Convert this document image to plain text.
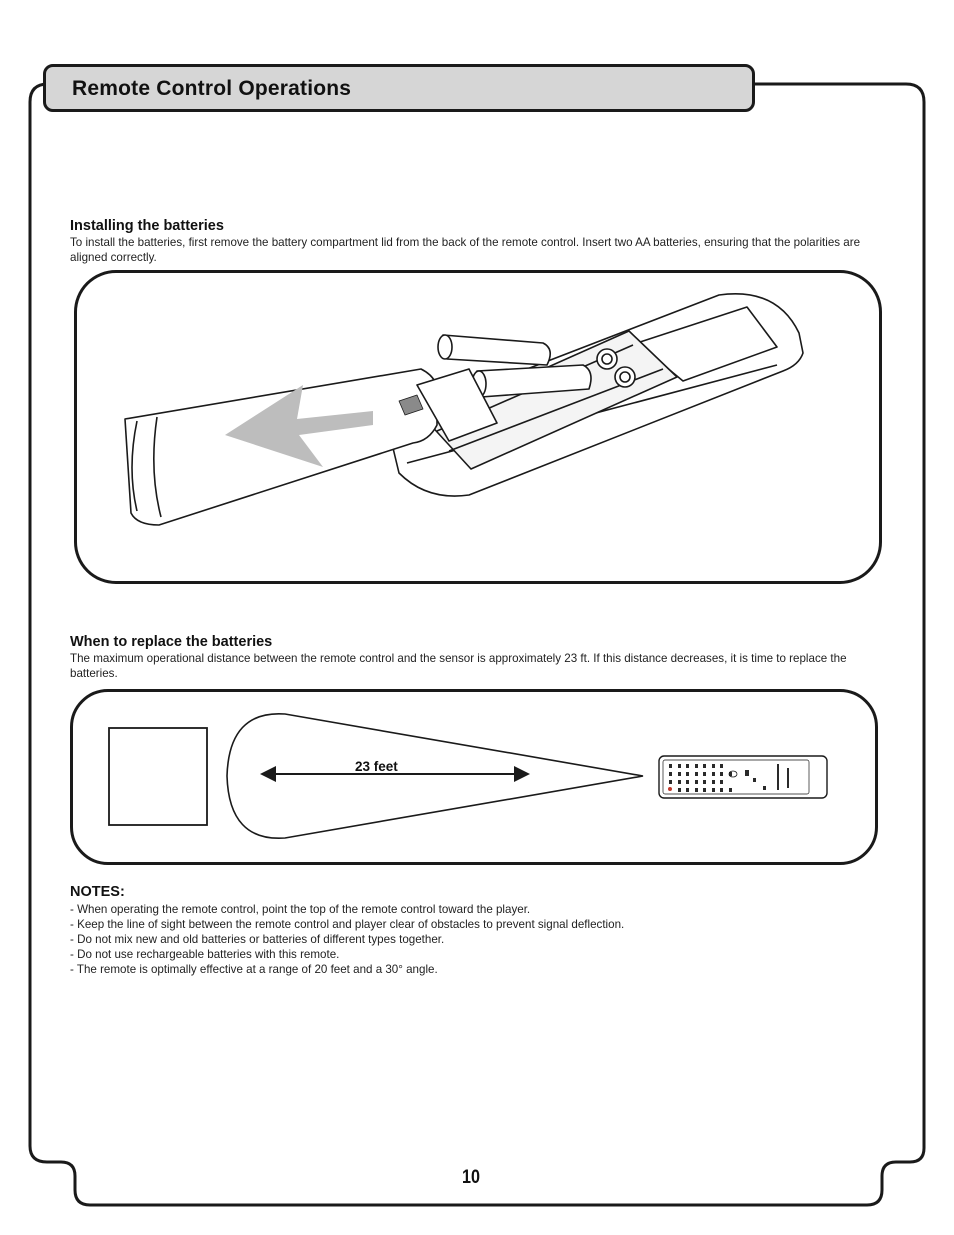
Remote Control Operations
Installing the batteries
To install the batteries, first remove the battery compartment lid from the back of the remote control. Insert two AA batteries, ensuring that the polarities are aligned correctly.
When to replace the batteries
The maximum operational distance between the remote control and the sensor is approximately 23 ft. If this distance decreases, it is time to replace the batteries.
23 feet
NOTES:
- When operating the remote control, point the top of the remote control toward the player.
- Keep the line of sight between the remote control and player clear of obstacles to prevent signal deflection.
- Do not mix new and old batteries or batteries of different types together.
- Do not use rechargeable batteries with this remote.
- The remote is optimally effective at a range of 20 feet and a 30° angle.
10
